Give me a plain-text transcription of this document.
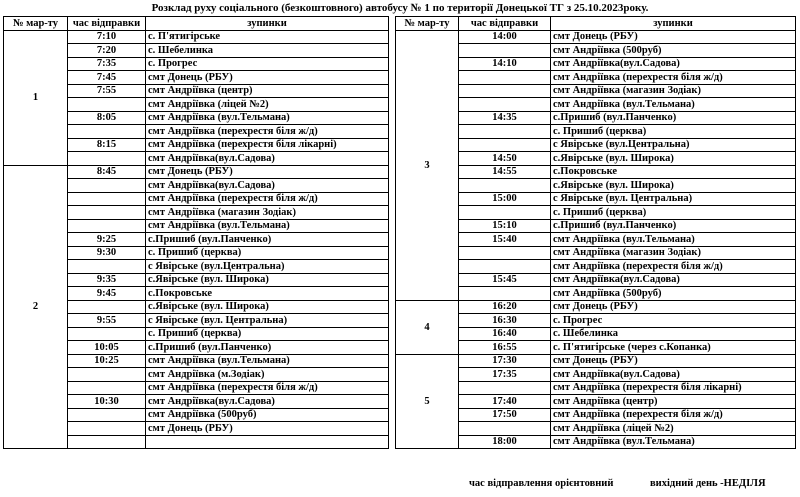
Розклад руху соціального (безкоштовного) автобусу № 1 по території Донецької ТГ з 25.10.2023року.
№ мар-ту	час відправки	зупинки
1	7:10	с. П'ятигірське
	7:20	с. Шебелинка
	7:35	с. Прогрес
	7:45	смт Донець (РБУ)
	7:55	смт Андріївка (центр)
		смт Андріївка (ліцей №2)
	8:05	смт Андріївка (вул.Тельмана)
		смт Андріївка (перехрестя біля ж/д)
	8:15	смт Андріївка (перехрестя біля лікарні)
		смт Андріївка(вул.Садова)
2	8:45	смт Донець (РБУ)
		смт Андріївка(вул.Садова)
		смт Андріївка (перехрестя біля ж/д)
		смт Андріївка (магазин Зодіак)
		смт Андріївка (вул.Тельмана)
	9:25	с.Пришиб (вул.Панченко)
	9:30	с. Пришиб (церква)
		с Явірське (вул.Центральна)
	9:35	с.Явірське (вул. Широка)
	9:45	с.Покровське
		с.Явірське (вул. Широка)
	9:55	с Явірське (вул. Центральна)
		с. Пришиб (церква)
	10:05	с.Пришиб (вул.Панченко)
	10:25	смт Андріївка (вул.Тельмана)
		смт Андріївка (м.Зодіак)
		смт Андріївка (перехрестя біля ж/д)
	10:30	смт Андріївка(вул.Садова)
		смт Андріївка (500руб)
		смт Донець (РБУ)

№ мар-ту	час відправки	зупинки
3	14:00	смт Донець (РБУ)
		смт Андріївка (500руб)
	14:10	смт Андріївка(вул.Садова)
		смт Андріївка (перехрестя біля ж/д)
		смт Андріївка (магазин Зодіак)
		смт Андріївка (вул.Тельмана)
	14:35	с.Пришиб (вул.Панченко)
		с. Пришиб (церква)
		с Явірське (вул.Центральна)
	14:50	с.Явірське (вул. Широка)
	14:55	с.Покровське
		с.Явірське (вул. Широка)
	15:00	с Явірське (вул. Центральна)
		с. Пришиб (церква)
	15:10	с.Пришиб (вул.Панченко)
	15:40	смт Андріївка (вул.Тельмана)
		смт Андріївка (магазин Зодіак)
		смт Андріївка (перехрестя біля ж/д)
	15:45	смт Андріївка(вул.Садова)
		смт Андріївка (500руб)
4	16:20	смт Донець (РБУ)
	16:30	с. Прогрес
	16:40	с. Шебелинка
	16:55	с. П'ятигірське (через с.Копанка)
5	17:30	смт Донець (РБУ)
	17:35	смт Андріївка(вул.Садова)
		смт Андріївка (перехрестя біля лікарні)
	17:40	смт Андріївка (центр)
	17:50	смт Андріївка (перехрестя біля ж/д)
		смт Андріївка (ліцей №2)
	18:00	смт Андріївка (вул.Тельмана)
час відправлення орієнтовний	вихідний день -НЕДІЛЯ
